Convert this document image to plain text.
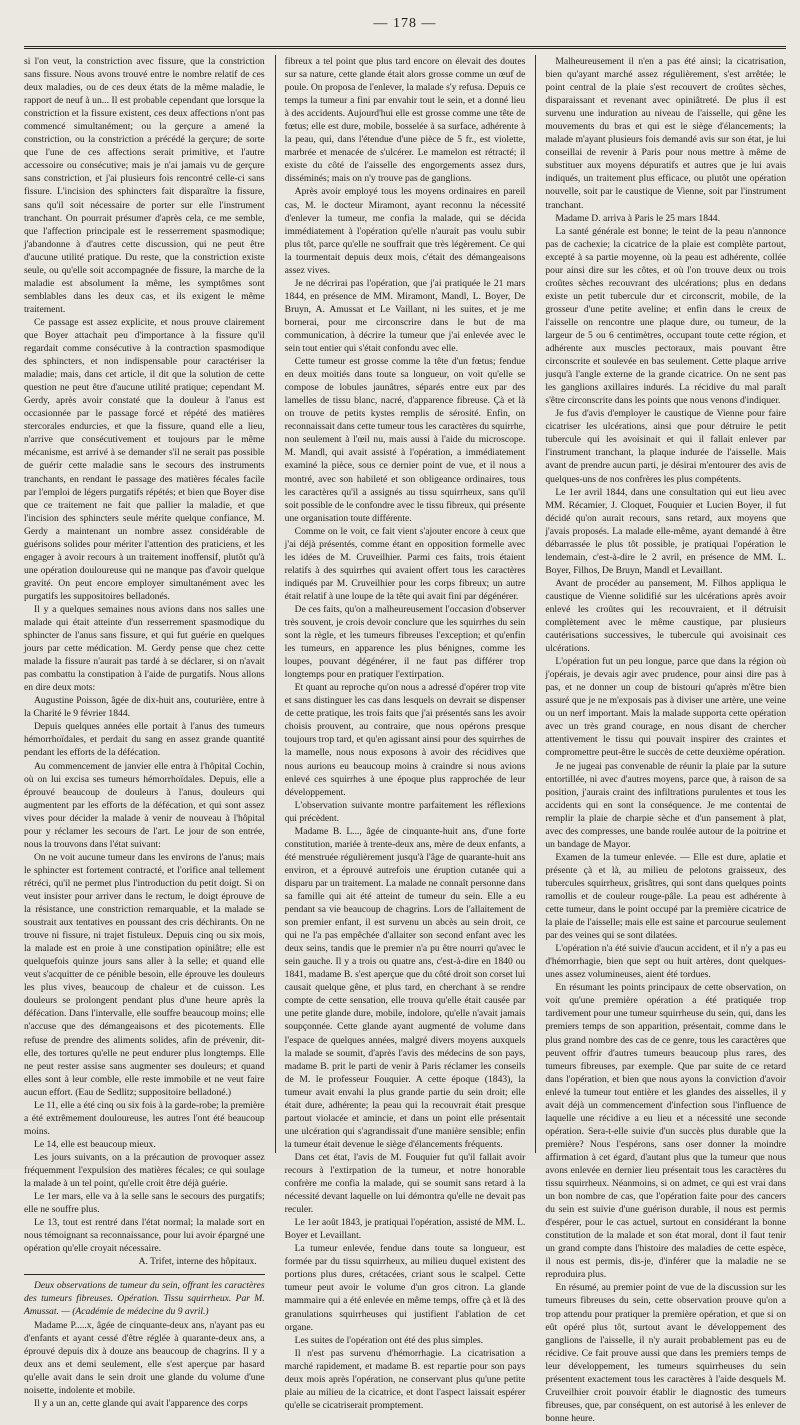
— 178 —

si l'on veut, la constriction avec fissure, que la constriction sans fissure. Nous avons trouvé entre le nombre relatif de ces deux maladies, ou de ces deux états de la même maladie, le rapport de neuf à un... Il est probable cependant que lorsque la constriction et la fissure existent, ces deux affections n'ont pas commencé simultanément; ou la gerçure a amené la constriction, ou la constriction a précédé la gerçure; de sorte que l'une de ces affections serait primitive, et l'autre accessoire ou consécutive; mais je n'ai jamais vu de gerçure sans constriction, et j'ai plusieurs fois rencontré celle-ci sans fissure. L'incision des sphincters fait disparaître la fissure, sans qu'il soit nécessaire de porter sur elle l'instrument tranchant. On pourrait présumer d'après cela, ce me semble, que l'affection principale est le resserrement spasmodique; j'abandonne à d'autres cette discussion, qui ne peut être d'aucune utilité pratique. Du reste, que la constriction existe seule, ou qu'elle soit accompagnée de fissure, la marche de la maladie est absolument la même, les symptômes sont semblables dans les deux cas, et ils exigent le même traitement.

Ce passage est assez explicite, et nous prouve clairement que Boyer attachait peu d'importance à la fissure qu'il regardait comme consécutive à la contraction spasmodique des sphincters, et non indispensable pour caractériser la maladie; mais, dans cet article, il dit que la solution de cette question ne peut être d'aucune utilité pratique; cependant M. Gerdy, après avoir constaté que la douleur à l'anus est occasionnée par le passage forcé et répété des matières stercorales endurcies, et que la fissure, quand elle a lieu, n'arrive que consécutivement et toujours par le même mécanisme, est arrivé à se demander s'il ne serait pas possible de guérir cette maladie sans le secours des instruments tranchants, en rendant le passage des matières fécales facile par l'emploi de légers purgatifs répétés; et bien que Boyer dise que ce traitement ne fait que pallier la maladie, et que l'incision des sphincters seule mérite quelque confiance, M. Gerdy a maintenant un nombre assez considérable de guérisons solides pour mériter l'attention des praticiens, et les engager à avoir recours à un traitement inoffensif, plutôt qu'à une opération douloureuse qui ne manque pas d'avoir quelque gravité. On peut encore employer simultanément avec les purgatifs les suppositoires belladonés.

Il y a quelques semaines nous avions dans nos salles une malade qui était atteinte d'un resserrement spasmodique du sphincter de l'anus sans fissure, et qui fut guérie en quelques jours par cette médication. M. Gerdy pense que chez cette malade la fissure n'aurait pas tardé à se déclarer, si on n'avait pas combattu la constipation à l'aide de purgatifs. Nous allons en dire deux mots:

Augustine Poisson, âgée de dix-huit ans, couturière, entre à la Charité le 9 février 1844.

Depuis quelques années elle portait à l'anus des tumeurs hémorrhoïdales, et perdait du sang en assez grande quantité pendant les efforts de la défécation.

Au commencement de janvier elle entra à l'hôpital Cochin, où on lui excisa ses tumeurs hémorrhoïdales. Depuis, elle a éprouvé beaucoup de douleurs à l'anus, douleurs qui augmentent par les efforts de la défécation, et qui sont assez vives pour décider la malade à venir de nouveau à l'hôpital pour y réclamer les secours de l'art. Le jour de son entrée, nous la trouvons dans l'état suivant:

On ne voit aucune tumeur dans les environs de l'anus; mais le sphincter est fortement contracté, et l'orifice anal tellement rétréci, qu'il ne permet plus l'introduction du petit doigt. Si on veut insister pour arriver dans le rectum, le doigt éprouve de la résistance, une constriction remarquable, et la malade se soustrait aux tentatives en poussant des cris déchirants. On ne trouve ni fissure, ni trajet fistuleux. Depuis cinq ou six mois, la malade est en proie à une constipation opiniâtre; elle est quelquefois quinze jours sans aller à la selle; et quand elle veut s'acquitter de ce pénible besoin, elle éprouve les douleurs les plus vives, beaucoup de chaleur et de cuisson. Les douleurs se prolongent pendant plus d'une heure après la défécation. Dans l'intervalle, elle souffre beaucoup moins; elle n'accuse que des démangeaisons et des picotements. Elle refuse de prendre des aliments solides, afin de prévenir, dit-elle, des tortures qu'elle ne peut endurer plus longtemps. Elle ne peut rester assise sans augmenter ses douleurs; et quand elles sont à leur comble, elle reste immobile et ne veut faire aucun effort. (Eau de Sedlitz; suppositoire belladoné.)

Le 11, elle a été cinq ou six fois à la garde-robe; la première a été extrêmement douloureuse, les autres l'ont été beaucoup moins.

Le 14, elle est beaucoup mieux.

Les jours suivants, on a la précaution de provoquer assez fréquemment l'expulsion des matières fécales; ce qui soulage la malade à un tel point, qu'elle croit être déjà guérie.

Le 1er mars, elle va à la selle sans le secours des purgatifs; elle ne souffre plus.

Le 13, tout est rentré dans l'état normal; la malade sort en nous témoignant sa reconnaissance, pour lui avoir épargné une opération qu'elle croyait nécessaire.

A. Trifet, interne des hôpitaux.

Deux observations de tumeur du sein, offrant les caractères des tumeurs fibreuses. Opération. Tissu squirrheux. Par M. Amussat. — (Académie de médecine du 9 avril.)

Madame P.....x, âgée de cinquante-deux ans, n'ayant pas eu d'enfants et ayant cessé d'être réglée à quarante-deux ans, a éprouvé depuis dix à douze ans beaucoup de chagrins. Il y a deux ans et demi seulement, elle s'est aperçue par hasard qu'elle avait dans le sein droit une glande du volume d'une noisette, indolente et mobile.

Il y a un an, cette glande qui avait l'apparence des corps

fibreux a tel point que plus tard encore on élevait des doutes sur sa nature, cette glande était alors grosse comme un œuf de poule. On proposa de l'enlever, la malade s'y refusa. Depuis ce temps la tumeur a fini par envahir tout le sein, et a donné lieu à des accidents. Aujourd'hui elle est grosse comme une tête de fœtus; elle est dure, mobile, bosselée à sa surface, adhérente à la peau, qui, dans l'étendue d'une pièce de 5 fr., est violette, marbrée et menacée de s'ulcérer. Le mamelon est rétracté; il existe du côté de l'aisselle des engorgements assez durs, disséminés; mais on n'y trouve pas de ganglions.

Après avoir employé tous les moyens ordinaires en pareil cas, M. le docteur Miramont, ayant reconnu la nécessité d'enlever la tumeur, me confia la malade, qui se décida immédiatement à l'opération qu'elle n'aurait pas voulu subir plus tôt, parce qu'elle ne souffrait que très légèrement. Ce qui la tourmentait depuis deux mois, c'était des démangeaisons assez vives.

Je ne décrirai pas l'opération, que j'ai pratiquée le 21 mars 1844, en présence de MM. Miramont, Mandl, L. Boyer, De Bruyn, A. Amussat et Le Vaillant, ni les suites, et je me bornerai, pour me circonscrire dans le but de ma communication, à décrire la tumeur que j'ai enlevée avec le sein tout entier qui s'était confondu avec elle.

Cette tumeur est grosse comme la tête d'un fœtus; fendue en deux moitiés dans toute sa longueur, on voit qu'elle se compose de lobules jaunâtres, séparés entre eux par des lamelles de tissu blanc, nacré, d'apparence fibreuse. Çà et là on trouve de petits kystes remplis de sérosité. Enfin, on reconnaissait dans cette tumeur tous les caractères du squirrhe, non seulement à l'œil nu, mais aussi à l'aide du microscope. M. Mandl, qui avait assisté à l'opération, a immédiatement examiné la pièce, sous ce dernier point de vue, et il nous a montré, avec son habileté et son obligeance ordinaires, tous les caractères qu'il a assignés au tissu squirrheux, sans qu'il soit possible de le confondre avec le tissu fibreux, qui présente une organisation toute différente.

Comme on le voit, ce fait vient s'ajouter encore à ceux que j'ai déjà présentés, comme étant en opposition formelle avec les idées de M. Cruveilhier. Parmi ces faits, trois étaient relatifs à des squirrhes qui avaient offert tous les caractères indiqués par M. Cruveilhier pour les corps fibreux; un autre était relatif à une loupe de la tête qui avait fini par dégénérer.

De ces faits, qu'on a malheureusement l'occasion d'observer très souvent, je crois devoir conclure que les squirrhes du sein sont la règle, et les tumeurs fibreuses l'exception; et qu'enfin les tumeurs, en apparence les plus bénignes, comme les loupes, pouvant dégénérer, il ne faut pas différer trop longtemps pour en pratiquer l'extirpation.

Et quant au reproche qu'on nous a adressé d'opérer trop vite et sans distinguer les cas dans lesquels on devrait se dispenser de cette pratique, les trois faits que j'ai présentés sans les avoir choisis prouvent, au contraire, que nous opérons presque toujours trop tard, et qu'en agissant ainsi pour des squirrhes de la mamelle, nous nous exposons à avoir des récidives que nous aurions eu beaucoup moins à craindre si nous avions enlevé ces squirrhes à une époque plus rapprochée de leur développement.

L'observation suivante montre parfaitement les réflexions qui précèdent.

Madame B. L..., âgée de cinquante-huit ans, d'une forte constitution, mariée à trente-deux ans, mère de deux enfants, a été menstruée régulièrement jusqu'à l'âge de quarante-huit ans environ, et a éprouvé autrefois une éruption cutanée qui a disparu par un traitement. La malade ne connaît personne dans sa famille qui ait été atteint de tumeur du sein. Elle a eu pendant sa vie beaucoup de chagrins. Lors de l'allaitement de son premier enfant, il est survenu un abcès au sein droit, ce qui ne l'a pas empêchée d'allaiter son second enfant avec les deux seins, tandis que le premier n'a pu être nourri qu'avec le sein gauche. Il y a trois ou quatre ans, c'est-à-dire en 1840 ou 1841, madame B. s'est aperçue que du côté droit son corset lui causait quelque gêne, et plus tard, en cherchant à se rendre compte de cette sensation, elle trouva qu'elle était causée par une petite glande dure, mobile, indolore, qu'elle n'avait jamais soupçonnée. Cette glande ayant augmenté de volume dans l'espace de quelques années, malgré divers moyens auxquels la malade se soumit, d'après l'avis des médecins de son pays, madame B. prit le parti de venir à Paris réclamer les conseils de M. le professeur Fouquier. A cette époque (1843), la tumeur avait envahi la plus grande partie du sein droit; elle était dure, adhérente; la peau qui la recouvrait était presque partout violacée et amincie, et dans un point elle présentait une ulcération qui s'agrandissait d'une manière sensible; enfin la tumeur était devenue le siège d'élancements fréquents.

Dans cet état, l'avis de M. Fouquier fut qu'il fallait avoir recours à l'extirpation de la tumeur, et notre honorable confrère me confia la malade, qui se soumit sans retard à la nécessité devant laquelle on lui démontra qu'elle ne devait pas reculer.

Le 1er août 1843, je pratiquai l'opération, assisté de MM. L. Boyer et Levaillant.

La tumeur enlevée, fendue dans toute sa longueur, est formée par du tissu squirrheux, au milieu duquel existent des portions plus dures, crétacées, criant sous le scalpel. Cette tumeur peut avoir le volume d'un gros citron. La glande mammaire qui a été enlevée en même temps, offre çà et là des granulations squirrheuses qui justifient l'ablation de cet organe.

Les suites de l'opération ont été des plus simples.

Il n'est pas survenu d'hémorrhagie. La cicatrisation a marché rapidement, et madame B. est repartie pour son pays deux mois après l'opération, ne conservant plus qu'une petite plaie au milieu de la cicatrice, et dont l'aspect laissait espérer qu'elle se cicatriserait promptement.

Malheureusement il n'en a pas été ainsi; la cicatrisation, bien qu'ayant marché assez régulièrement, s'est arrêtée; le point central de la plaie s'est recouvert de croûtes sèches, disparaissant et revenant avec opiniâtreté. De plus il est survenu une induration au niveau de l'aisselle, qui gêne les mouvements du bras et qui est le siège d'élancements; la malade m'ayant plusieurs fois demandé avis sur son état, je lui conseillai de revenir à Paris pour nous mettre à même de substituer aux moyens dépuratifs et autres que je lui avais indiqués, un traitement plus efficace, ou plutôt une opération nouvelle, soit par le caustique de Vienne, soit par l'instrument tranchant.

Madame D. arriva à Paris le 25 mars 1844.

La santé générale est bonne; le teint de la peau n'annonce pas de cachexie; la cicatrice de la plaie est complète partout, excepté à sa partie moyenne, où la peau est adhérente, collée pour ainsi dire sur les côtes, et où l'on trouve deux ou trois croûtes sèches recouvrant des ulcérations; plus en dedans existe un petit tubercule dur et circonscrit, mobile, de la grosseur d'une petite aveline; et enfin dans le creux de l'aisselle on rencontre une plaque dure, ou tumeur, de la largeur de 5 ou 6 centimètres, occupant toute cette région, et adhérente aux muscles pectoraux, mais pouvant être circonscrite et soulevée en bas seulement. Cette plaque arrive jusqu'à l'angle externe de la grande cicatrice. On ne sent pas les ganglions axillaires indurés. La récidive du mal paraît s'être circonscrite dans les points que nous venons d'indiquer.

Je fus d'avis d'employer le caustique de Vienne pour faire cicatriser les ulcérations, ainsi que pour détruire le petit tubercule qui les avoisinait et qui il fallait enlever par l'instrument tranchant, la plaque indurée de l'aisselle. Mais avant de prendre aucun parti, je désirai m'entourer des avis de quelques-uns de nos confrères les plus compétents.

Le 1er avril 1844, dans une consultation qui eut lieu avec MM. Récamier, J. Cloquet, Fouquier et Lucien Boyer, il fut décidé qu'on aurait recours, sans retard, aux moyens que j'avais proposés. La malade elle-même, ayant demandé à être débarrassée le plus tôt possible, je pratiquai l'opération le lendemain, c'est-à-dire le 2 avril, en présence de MM. L. Boyer, Filhos, De Bruyn, Mandl et Levaillant.

Avant de procéder au pansement, M. Filhos appliqua le caustique de Vienne solidifié sur les ulcérations après avoir enlevé les croûtes qui les recouvraient, et il détruisit complètement avec le même caustique, par plusieurs cautérisations successives, le tubercule qui avoisinait ces ulcérations.

L'opération fut un peu longue, parce que dans la région où j'opérais, je devais agir avec prudence, pour ainsi dire pas à pas, et ne donner un coup de bistouri qu'après m'être bien assuré que je ne m'exposais pas à diviser une artère, une veine ou un nerf important. Mais la malade supporta cette opération avec un très grand courage, en nous disant de chercher attentivement le tissu qui pouvait inspirer des craintes et compromettre peut-être le succès de cette deuxième opération.

Je ne jugeai pas convenable de réunir la plaie par la suture entortillée, ni avec d'autres moyens, parce que, à raison de sa position, j'aurais craint des infiltrations purulentes et tous les accidents qui en sont la conséquence. Je me contentai de remplir la plaie de charpie sèche et d'un pansement à plat, avec des compresses, une bande roulée autour de la poitrine et un bandage de Mayor.

Examen de la tumeur enlevée. — Elle est dure, aplatie et présente çà et là, au milieu de pelotons graisseux, des tubercules squirrheux, grisâtres, qui sont dans quelques points ramollis et de couleur rouge-pâle. La peau est adhérente à cette tumeur, dans le point occupé par la première cicatrice de la plaie de l'aisselle; mais elle est saine et parcourue seulement par des veines qui se sont dilatées.

L'opération n'a été suivie d'aucun accident, et il n'y a pas eu d'hémorrhagie, bien que sept ou huit artères, dont quelques-unes assez volumineuses, aient été tordues.

En résumant les points principaux de cette observation, on voit qu'une première opération a été pratiquée trop tardivement pour une tumeur squirrheuse du sein, qui, dans les premiers temps de son apparition, présentait, comme dans le plus grand nombre des cas de ce genre, tous les caractères que peuvent offrir d'autres tumeurs beaucoup plus rares, des tumeurs fibreuses, par exemple. Que par suite de ce retard dans l'opération, et bien que nous ayons la conviction d'avoir enlevé la tumeur tout entière et les glandes des aisselles, il y avait déjà un commencement d'infection sous l'influence de laquelle une récidive a eu lieu et a nécessité une seconde opération. Sera-t-elle suivie d'un succès plus durable que la première? Nous l'espérons, sans oser donner la moindre affirmation à cet égard, d'autant plus que la tumeur que nous avons enlevée en dernier lieu présentait tous les caractères du tissu squirrheux. Néanmoins, si on admet, ce qui est vrai dans un bon nombre de cas, que l'opération faite pour des cancers du sein est suivie d'une guérison durable, il nous est permis d'espérer, pour le cas actuel, surtout en considérant la bonne constitution de la malade et son état moral, dont il faut tenir un grand compte dans l'histoire des maladies de cette espèce, il nous est permis, dis-je, d'inférer que la maladie ne se reproduira plus.

En résumé, au premier point de vue de la discussion sur les tumeurs fibreuses du sein, cette observation prouve qu'on a trop attendu pour pratiquer la première opération, et que si on eût opéré plus tôt, surtout avant le développement des ganglions de l'aisselle, il n'y aurait probablement pas eu de récidive. Ce fait prouve aussi que dans les premiers temps de leur développement, les tumeurs squirrheuses du sein présentent exactement tous les caractères à l'aide desquels M. Cruveilhier croit pouvoir établir le diagnostic des tumeurs fibreuses, que, par conséquent, on est autorisé à les enlever de bonne heure.
